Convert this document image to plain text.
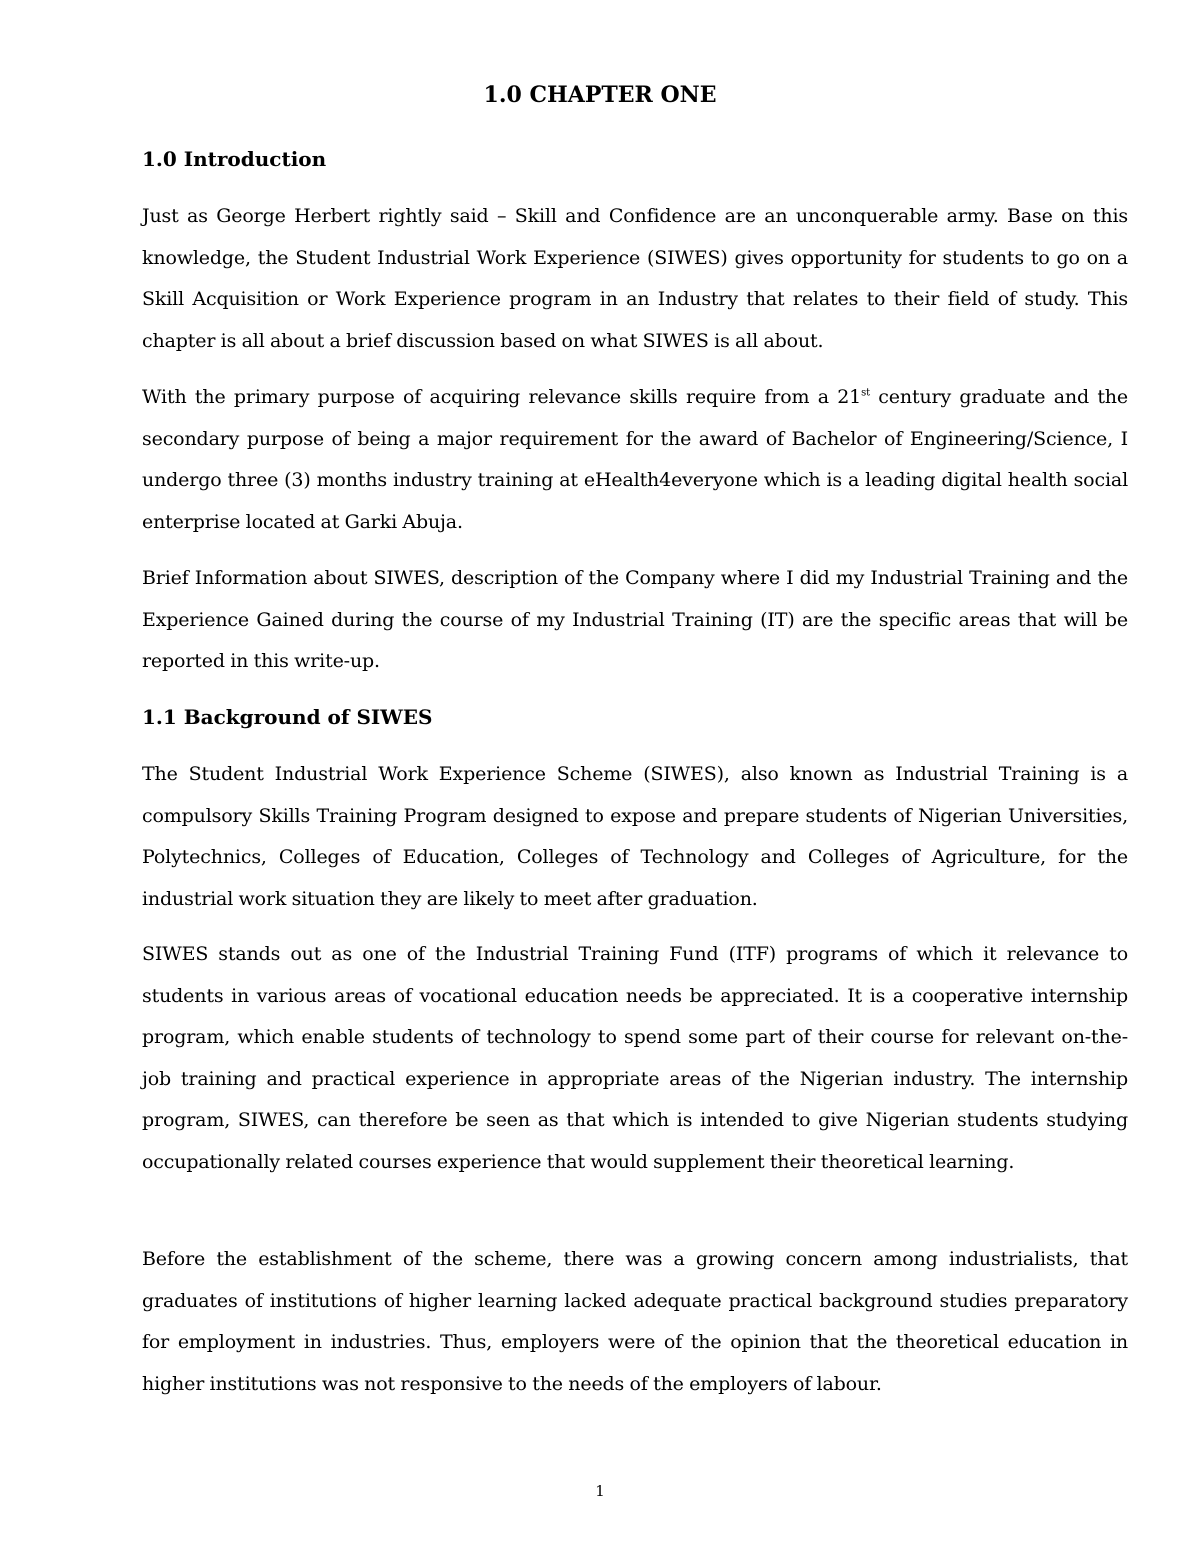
1.0 CHAPTER ONE
1.0 Introduction

Just as George Herbert rightly said – Skill and Confidence are an unconquerable army. Base on this knowledge, the Student Industrial Work Experience (SIWES) gives opportunity for students to go on a Skill Acquisition or Work Experience program in an Industry that relates to their field of study. This chapter is all about a brief discussion based on what SIWES is all about.

With the primary purpose of acquiring relevance skills require from a 21st century graduate and the secondary purpose of being a major requirement for the award of Bachelor of Engineering/Science, I undergo three (3) months industry training at eHealth4everyone which is a leading digital health social enterprise located at Garki Abuja.

Brief Information about SIWES, description of the Company where I did my Industrial Training and the Experience Gained during the course of my Industrial Training (IT) are the specific areas that will be reported in this write-up.

1.1 Background of SIWES

The Student Industrial Work Experience Scheme (SIWES), also known as Industrial Training is a compulsory Skills Training Program designed to expose and prepare students of Nigerian Universities, Polytechnics, Colleges of Education, Colleges of Technology and Colleges of Agriculture, for the industrial work situation they are likely to meet after graduation.

SIWES stands out as one of the Industrial Training Fund (ITF) programs of which it relevance to students in various areas of vocational education needs be appreciated. It is a cooperative internship program, which enable students of technology to spend some part of their course for relevant on-the-job training and practical experience in appropriate areas of the Nigerian industry. The internship program, SIWES, can therefore be seen as that which is intended to give Nigerian students studying occupationally related courses experience that would supplement their theoretical learning.

Before the establishment of the scheme, there was a growing concern among industrialists, that graduates of institutions of higher learning lacked adequate practical background studies preparatory for employment in industries. Thus, employers were of the opinion that the theoretical education in higher institutions was not responsive to the needs of the employers of labour.

1
